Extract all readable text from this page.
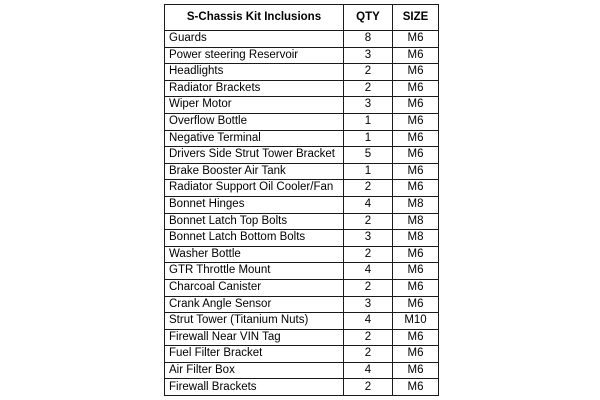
S-Chassis Kit Inclusions	QTY	SIZE
Guards	8	M6
Power steering Reservoir	3	M6
Headlights	2	M6
Radiator Brackets	2	M6
Wiper Motor	3	M6
Overflow Bottle	1	M6
Negative Terminal	1	M6
Drivers Side Strut Tower Bracket	5	M6
Brake Booster Air Tank	1	M6
Radiator Support Oil Cooler/Fan	2	M6
Bonnet Hinges	4	M8
Bonnet Latch Top Bolts	2	M8
Bonnet Latch Bottom Bolts	3	M8
Washer Bottle	2	M6
GTR Throttle Mount	4	M6
Charcoal Canister	2	M6
Crank Angle Sensor	3	M6
Strut Tower (Titanium Nuts)	4	M10
Firewall Near VIN Tag	2	M6
Fuel Filter Bracket	2	M6
Air Filter Box	4	M6
Firewall Brackets	2	M6
